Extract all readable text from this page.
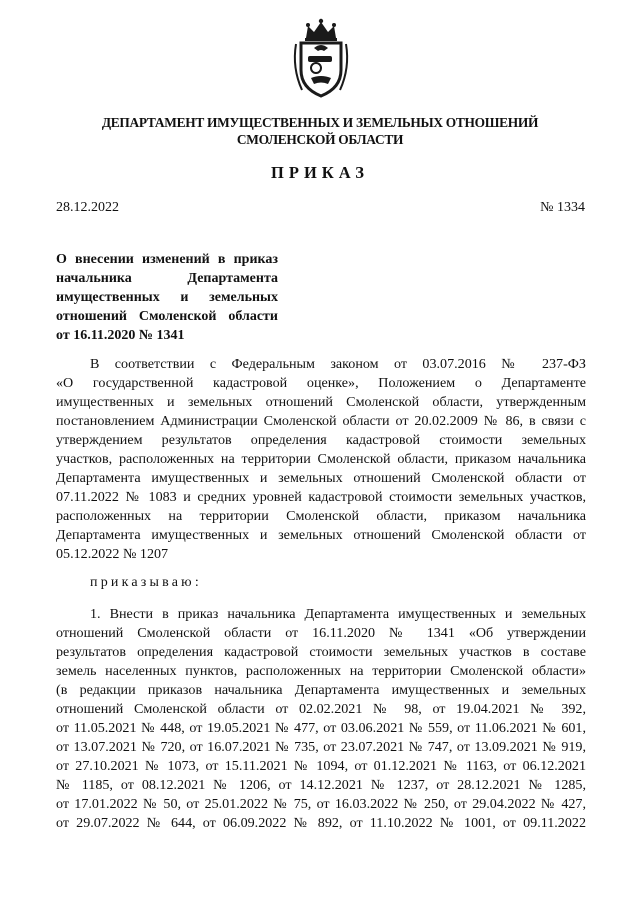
ДЕПАРТАМЕНТ ИМУЩЕСТВЕННЫХ И ЗЕМЕЛЬНЫХ ОТНОШЕНИЙ
СМОЛЕНСКОЙ ОБЛАСТИ
ПРИКАЗ
28.12.2022	№ 1334
О внесении изменений в приказ
начальника Департамента
имущественных и земельных
отношений Смоленской области
от 16.11.2020 № 1341
В соответствии с Федеральным законом от 03.07.2016 № 237-ФЗ
«О государственной кадастровой оценке», Положением о Департаменте
имущественных и земельных отношений Смоленской области, утвержденным
постановлением Администрации Смоленской области от 20.02.2009 № 86, в связи с
утверждением результатов определения кадастровой стоимости земельных
участков, расположенных на территории Смоленской области, приказом начальника
Департамента имущественных и земельных отношений Смоленской области от
07.11.2022 № 1083 и средних уровней кадастровой стоимости земельных участков,
расположенных на территории Смоленской области, приказом начальника
Департамента имущественных и земельных отношений Смоленской области от
05.12.2022 № 1207
приказываю:
1. Внести в приказ начальника Департамента имущественных и земельных
отношений Смоленской области от 16.11.2020 № 1341 «Об утверждении
результатов определения кадастровой стоимости земельных участков в составе
земель населенных пунктов, расположенных на территории Смоленской области»
(в редакции приказов начальника Департамента имущественных и земельных
отношений Смоленской области от 02.02.2021 № 98, от 19.04.2021 № 392,
от 11.05.2021 № 448, от 19.05.2021 № 477, от 03.06.2021 № 559, от 11.06.2021 № 601,
от 13.07.2021 № 720, от 16.07.2021 № 735, от 23.07.2021 № 747, от 13.09.2021 № 919,
от 27.10.2021 № 1073, от 15.11.2021 № 1094, от 01.12.2021 № 1163, от 06.12.2021
№ 1185, от 08.12.2021 № 1206, от 14.12.2021 № 1237, от 28.12.2021 № 1285,
от 17.01.2022 № 50, от 25.01.2022 № 75, от 16.03.2022 № 250, от 29.04.2022 № 427,
от 29.07.2022 № 644, от 06.09.2022 № 892, от 11.10.2022 № 1001, от 09.11.2022
